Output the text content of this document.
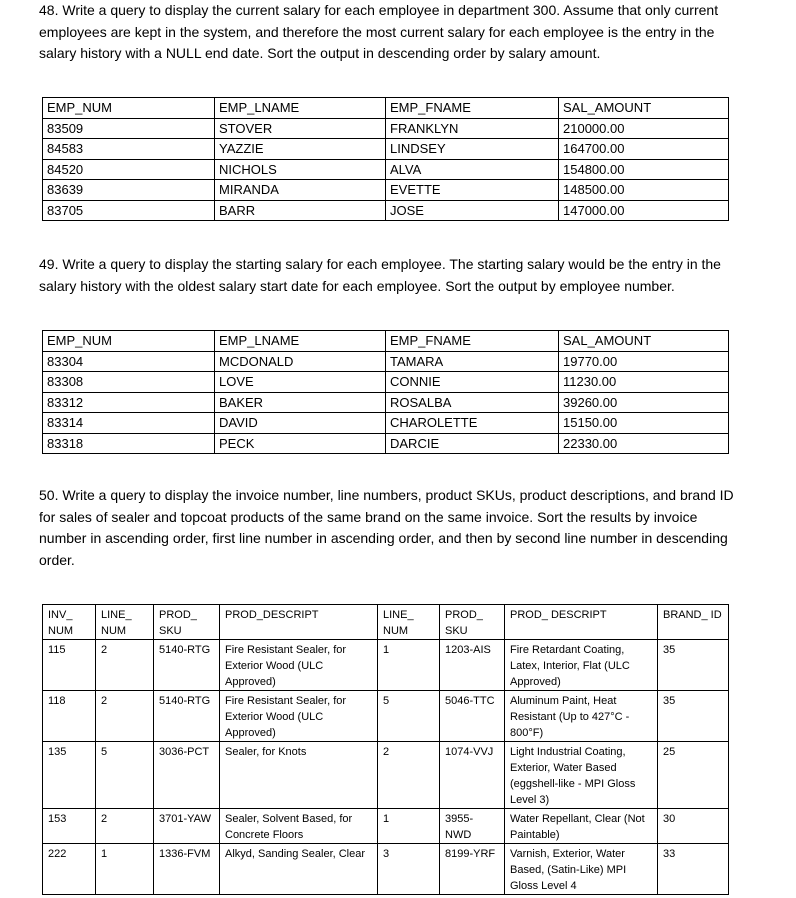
48. Write a query to display the current salary for each employee in department 300. Assume that only current employees are kept in the system, and therefore the most current salary for each employee is the entry in the salary history with a NULL end date. Sort the output in descending order by salary amount.

EMP_NUM	EMP_LNAME	EMP_FNAME	SAL_AMOUNT
83509	STOVER	FRANKLYN	210000.00
84583	YAZZIE	LINDSEY	164700.00
84520	NICHOLS	ALVA	154800.00
83639	MIRANDA	EVETTE	148500.00
83705	BARR	JOSE	147000.00

49. Write a query to display the starting salary for each employee. The starting salary would be the entry in the salary history with the oldest salary start date for each employee. Sort the output by employee number.

EMP_NUM	EMP_LNAME	EMP_FNAME	SAL_AMOUNT
83304	MCDONALD	TAMARA	19770.00
83308	LOVE	CONNIE	11230.00
83312	BAKER	ROSALBA	39260.00
83314	DAVID	CHAROLETTE	15150.00
83318	PECK	DARCIE	22330.00

50. Write a query to display the invoice number, line numbers, product SKUs, product descriptions, and brand ID for sales of sealer and topcoat products of the same brand on the same invoice. Sort the results by invoice number in ascending order, first line number in ascending order, and then by second line number in descending order.

INV_ NUM	LINE_ NUM	PROD_ SKU	PROD_DESCRIPT	LINE_ NUM	PROD_ SKU	PROD_ DESCRIPT	BRAND_ ID
115	2	5140-RTG	Fire Resistant Sealer, for Exterior Wood (ULC Approved)	1	1203-AIS	Fire Retardant Coating, Latex, Interior, Flat (ULC Approved)	35
118	2	5140-RTG	Fire Resistant Sealer, for Exterior Wood (ULC Approved)	5	5046-TTC	Aluminum Paint, Heat Resistant (Up to 427°C - 800°F)	35
135	5	3036-PCT	Sealer, for Knots	2	1074-VVJ	Light Industrial Coating, Exterior, Water Based (eggshell-like - MPI Gloss Level 3)	25
153	2	3701-YAW	Sealer, Solvent Based, for Concrete Floors	1	3955-NWD	Water Repellant, Clear (Not Paintable)	30
222	1	1336-FVM	Alkyd, Sanding Sealer, Clear	3	8199-YRF	Varnish, Exterior, Water Based, (Satin-Like) MPI Gloss Level 4	33
